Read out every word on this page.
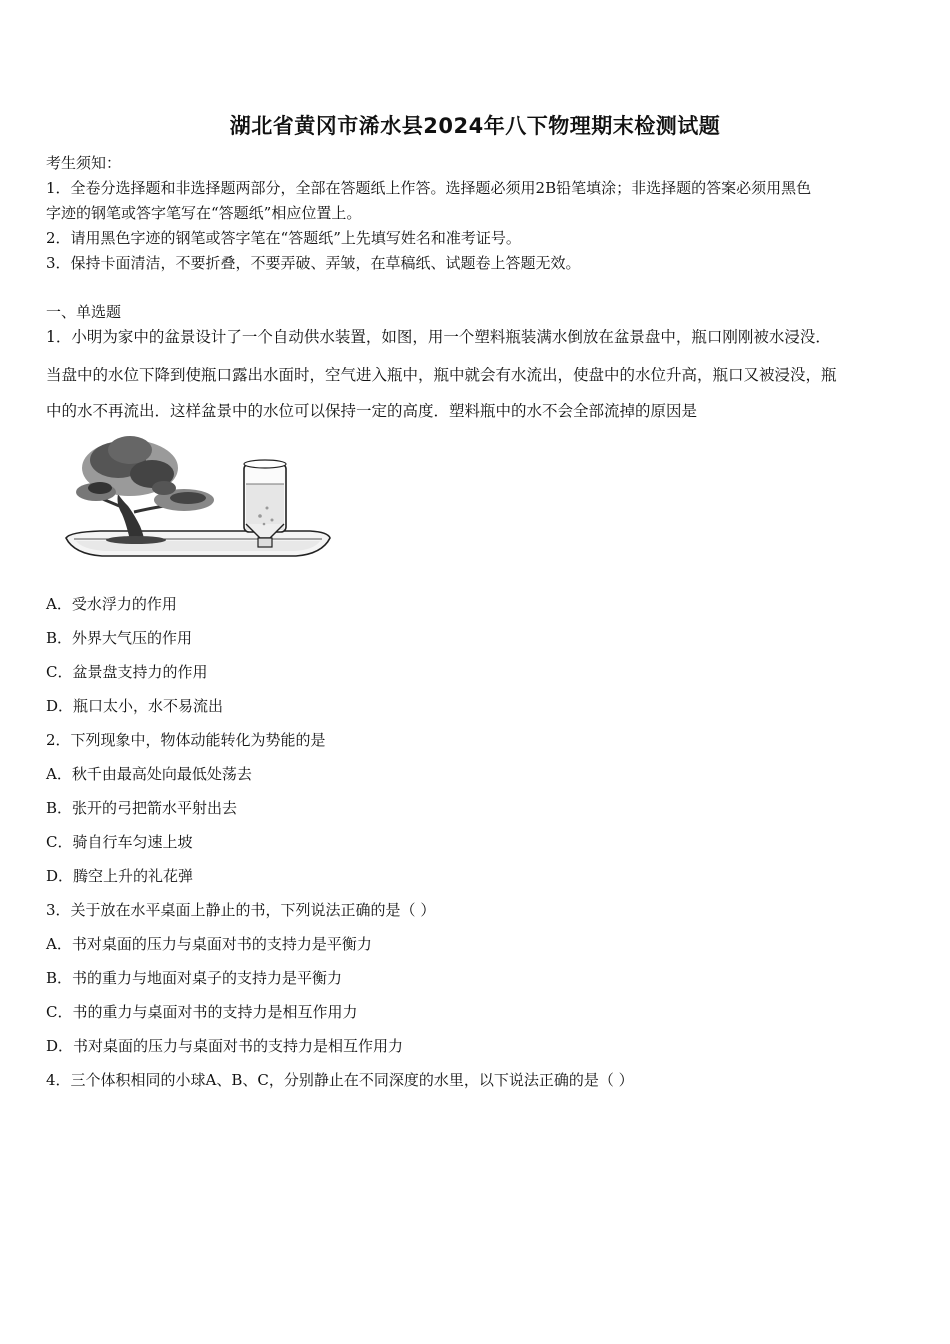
湖北省黄冈市浠水县2024年八下物理期末检测试题
考生须知：
1．全卷分选择题和非选择题两部分，全部在答题纸上作答。选择题必须用2B铅笔填涂；非选择题的答案必须用黑色
字迹的钢笔或答字笔写在“答题纸”相应位置上。
2．请用黑色字迹的钢笔或答字笔在“答题纸”上先填写姓名和准考证号。
3．保持卡面清洁，不要折叠，不要弄破、弄皱，在草稿纸、试题卷上答题无效。
一、单选题
1．小明为家中的盆景设计了一个自动供水装置，如图，用一个塑料瓶装满水倒放在盆景盘中，瓶口刚刚被水浸没．
当盘中的水位下降到使瓶口露出水面时，空气进入瓶中，瓶中就会有水流出，使盘中的水位升高，瓶口又被浸没，瓶
中的水不再流出．这样盆景中的水位可以保持一定的高度．塑料瓶中的水不会全部流掉的原因是
A．受水浮力的作用
B．外界大气压的作用
C．盆景盘支持力的作用
D．瓶口太小，水不易流出
2．下列现象中，物体动能转化为势能的是
A．秋千由最高处向最低处荡去
B．张开的弓把箭水平射出去
C．骑自行车匀速上坡
D．腾空上升的礼花弹
3．关于放在水平桌面上静止的书，下列说法正确的是（ ）
A．书对桌面的压力与桌面对书的支持力是平衡力
B．书的重力与地面对桌子的支持力是平衡力
C．书的重力与桌面对书的支持力是相互作用力
D．书对桌面的压力与桌面对书的支持力是相互作用力
4．三个体积相同的小球A、B、C，分别静止在不同深度的水里，以下说法正确的是（ ）
